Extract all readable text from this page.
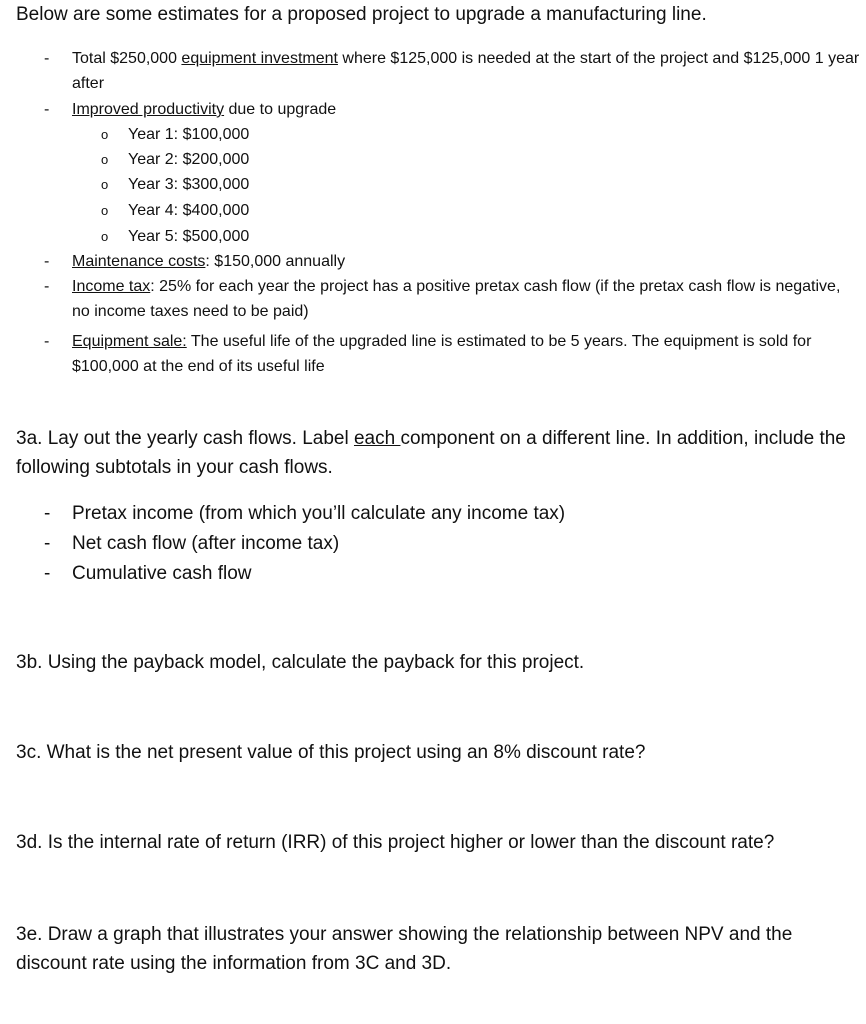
Below are some estimates for a proposed project to upgrade a manufacturing line.
- Total $250,000 equipment investment where $125,000 is needed at the start of the project and $125,000 1 year after
- Improved productivity due to upgrade
o Year 1: $100,000
o Year 2: $200,000
o Year 3: $300,000
o Year 4: $400,000
o Year 5: $500,000
- Maintenance costs: $150,000 annually
- Income tax: 25% for each year the project has a positive pretax cash flow (if the pretax cash flow is negative, no income taxes need to be paid)
- Equipment sale: The useful life of the upgraded line is estimated to be 5 years. The equipment is sold for $100,000 at the end of its useful life
3a. Lay out the yearly cash flows. Label each component on a different line. In addition, include the following subtotals in your cash flows.
- Pretax income (from which you’ll calculate any income tax)
- Net cash flow (after income tax)
- Cumulative cash flow
3b. Using the payback model, calculate the payback for this project.
3c. What is the net present value of this project using an 8% discount rate?
3d. Is the internal rate of return (IRR) of this project higher or lower than the discount rate?
3e. Draw a graph that illustrates your answer showing the relationship between NPV and the discount rate using the information from 3C and 3D.
